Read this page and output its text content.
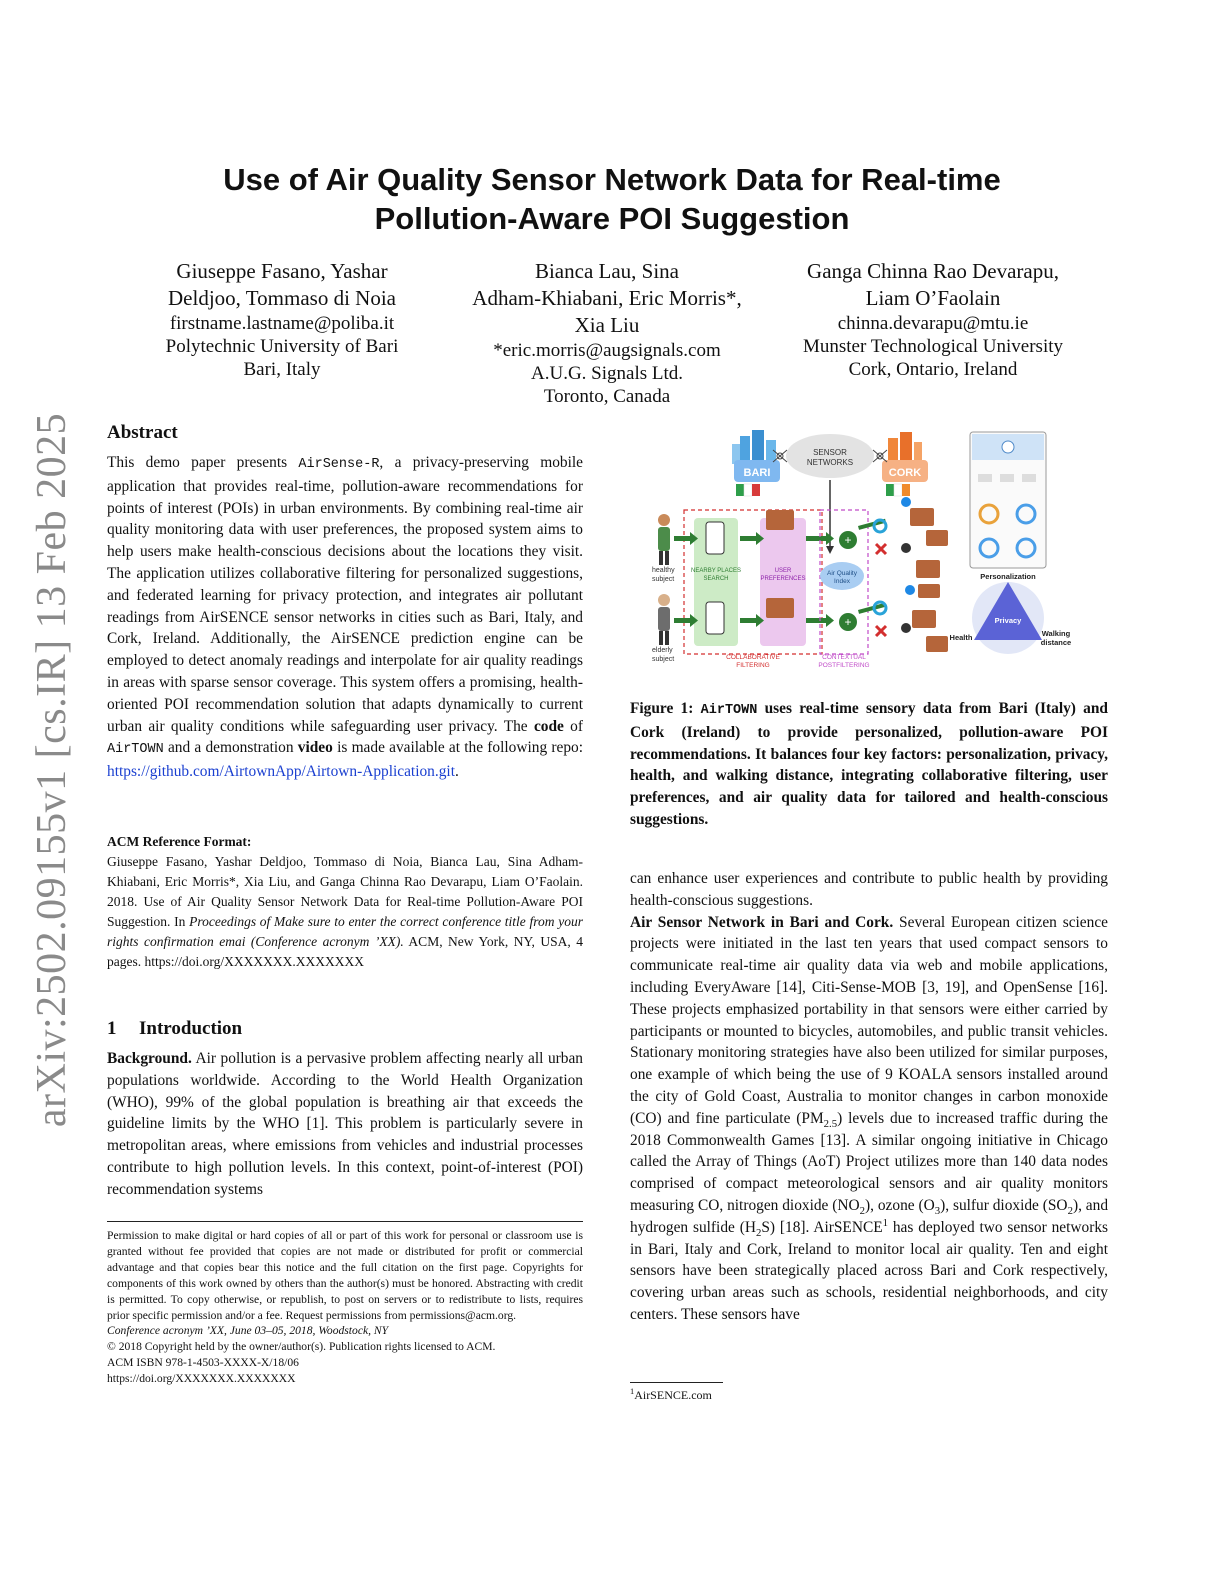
arXiv:2502.09155v1 [cs.IR] 13 Feb 2025
Use of Air Quality Sensor Network Data for Real-time
Pollution-Aware POI Suggestion
Giuseppe Fasano, Yashar
Deldjoo, Tommaso di Noia
firstname.lastname@poliba.it
Polytechnic University of Bari
Bari, Italy
Bianca Lau, Sina
Adham-Khiabani, Eric Morris*,
Xia Liu
*eric.morris@augsignals.com
A.U.G. Signals Ltd.
Toronto, Canada
Ganga Chinna Rao Devarapu,
Liam O’Faolain
chinna.devarapu@mtu.ie
Munster Technological University
Cork, Ontario, Ireland
Abstract
This demo paper presents AirSense-R, a privacy-preserving mobile application that provides real-time, pollution-aware recommendations for points of interest (POIs) in urban environments. By combining real-time air quality monitoring data with user preferences, the proposed system aims to help users make health-conscious decisions about the locations they visit. The application utilizes collaborative filtering for personalized suggestions, and federated learning for privacy protection, and integrates air pollutant readings from AirSENCE sensor networks in cities such as Bari, Italy, and Cork, Ireland. Additionally, the AirSENCE prediction engine can be employed to detect anomaly readings and interpolate for air quality readings in areas with sparse sensor coverage. This system offers a promising, health-oriented POI recommendation solution that adapts dynamically to current urban air quality conditions while safeguarding user privacy. The code of AirTOWN and a demonstration video is made available at the following repo: https://github.com/AirtownApp/Airtown-Application.git.
ACM Reference Format:
Giuseppe Fasano, Yashar Deldjoo, Tommaso di Noia, Bianca Lau, Sina Adham-Khiabani, Eric Morris*, Xia Liu, and Ganga Chinna Rao Devarapu, Liam O’Faolain. 2018. Use of Air Quality Sensor Network Data for Real-time Pollution-Aware POI Suggestion. In Proceedings of Make sure to enter the correct conference title from your rights confirmation emai (Conference acronym ’XX). ACM, New York, NY, USA, 4 pages. https://doi.org/XXXXXXX.XXXXXXX
1 Introduction
Background. Air pollution is a pervasive problem affecting nearly all urban populations worldwide. According to the World Health Organization (WHO), 99% of the global population is breathing air that exceeds the guideline limits by the WHO [1]. This problem is particularly severe in metropolitan areas, where emissions from vehicles and industrial processes contribute to high pollution levels. In this context, point-of-interest (POI) recommendation systems
Permission to make digital or hard copies of all or part of this work for personal or classroom use is granted without fee provided that copies are not made or distributed for profit or commercial advantage and that copies bear this notice and the full citation on the first page. Copyrights for components of this work owned by others than the author(s) must be honored. Abstracting with credit is permitted. To copy otherwise, or republish, to post on servers or to redistribute to lists, requires prior specific permission and/or a fee. Request permissions from permissions@acm.org.
Conference acronym ’XX, June 03–05, 2018, Woodstock, NY
© 2018 Copyright held by the owner/author(s). Publication rights licensed to ACM.
ACM ISBN 978-1-4503-XXXX-X/18/06
https://doi.org/XXXXXXX.XXXXXXX
BARI	CORK
SENSOR
NETWORKS
NEARBY PLACES
SEARCH
USER
PREFERENCES
healthy
subject
elderly
subject
Air Quality
Index
+
+
COLLABORATIVE
FILTERING
CONTEXTUAL
POSTFILTERING
Personalization
Privacy
Health	Walking
distance
Figure 1: AirTOWN uses real-time sensory data from Bari (Italy) and Cork (Ireland) to provide personalized, pollution-aware POI recommendations. It balances four key factors: personalization, privacy, health, and walking distance, integrating collaborative filtering, user preferences, and air quality data for tailored and health-conscious suggestions.
can enhance user experiences and contribute to public health by providing health-conscious suggestions.
Air Sensor Network in Bari and Cork. Several European citizen science projects were initiated in the last ten years that used compact sensors to communicate real-time air quality data via web and mobile applications, including EveryAware [14], Citi-Sense-MOB [3, 19], and OpenSense [16]. These projects emphasized portability in that sensors were either carried by participants or mounted to bicycles, automobiles, and public transit vehicles. Stationary monitoring strategies have also been utilized for similar purposes, one example of which being the use of 9 KOALA sensors installed around the city of Gold Coast, Australia to monitor changes in carbon monoxide (CO) and fine particulate $(PM_{2.5})$ levels due to increased traffic during the 2018 Commonwealth Games [13]. A similar ongoing initiative in Chicago called the Array of Things (AoT) Project utilizes more than 140 data nodes comprised of compact meteorological sensors and air quality monitors measuring CO, nitrogen dioxide $(NO_2)$, ozone $(O_3)$, sulfur dioxide $(SO_2)$, and hydrogen sulfide $(H_2S)$ [18]. AirSENCE$^1$ has deployed two sensor networks in Bari, Italy and Cork, Ireland to monitor local air quality. Ten and eight sensors have been strategically placed across Bari and Cork respectively, covering urban areas such as schools, residential neighborhoods, and city centers. These sensors have
$^1$AirSENCE.com
